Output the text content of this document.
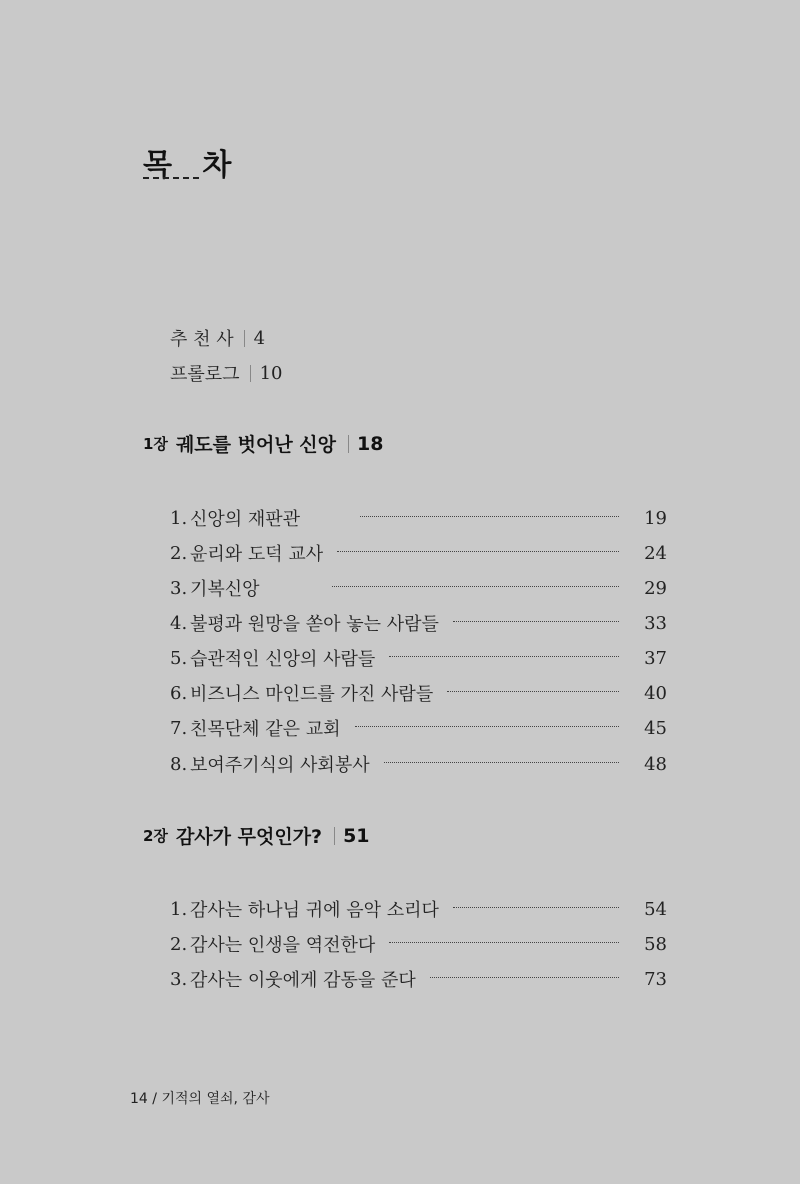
목 차
추 천 사 4
프롤로그 10
1장 궤도를 벗어난 신앙 18
1. 신앙의 재판관	19
2. 윤리와 도덕 교사	24
3. 기복신앙	29
4. 불평과 원망을 쏟아 놓는 사람들	33
5. 습관적인 신앙의 사람들	37
6. 비즈니스 마인드를 가진 사람들	40
7. 친목단체 같은 교회	45
8. 보여주기식의 사회봉사	48
2장 감사가 무엇인가? 51
1. 감사는 하나님 귀에 음악 소리다	54
2. 감사는 인생을 역전한다	58
3. 감사는 이웃에게 감동을 준다	73
14 / 기적의 열쇠, 감사
